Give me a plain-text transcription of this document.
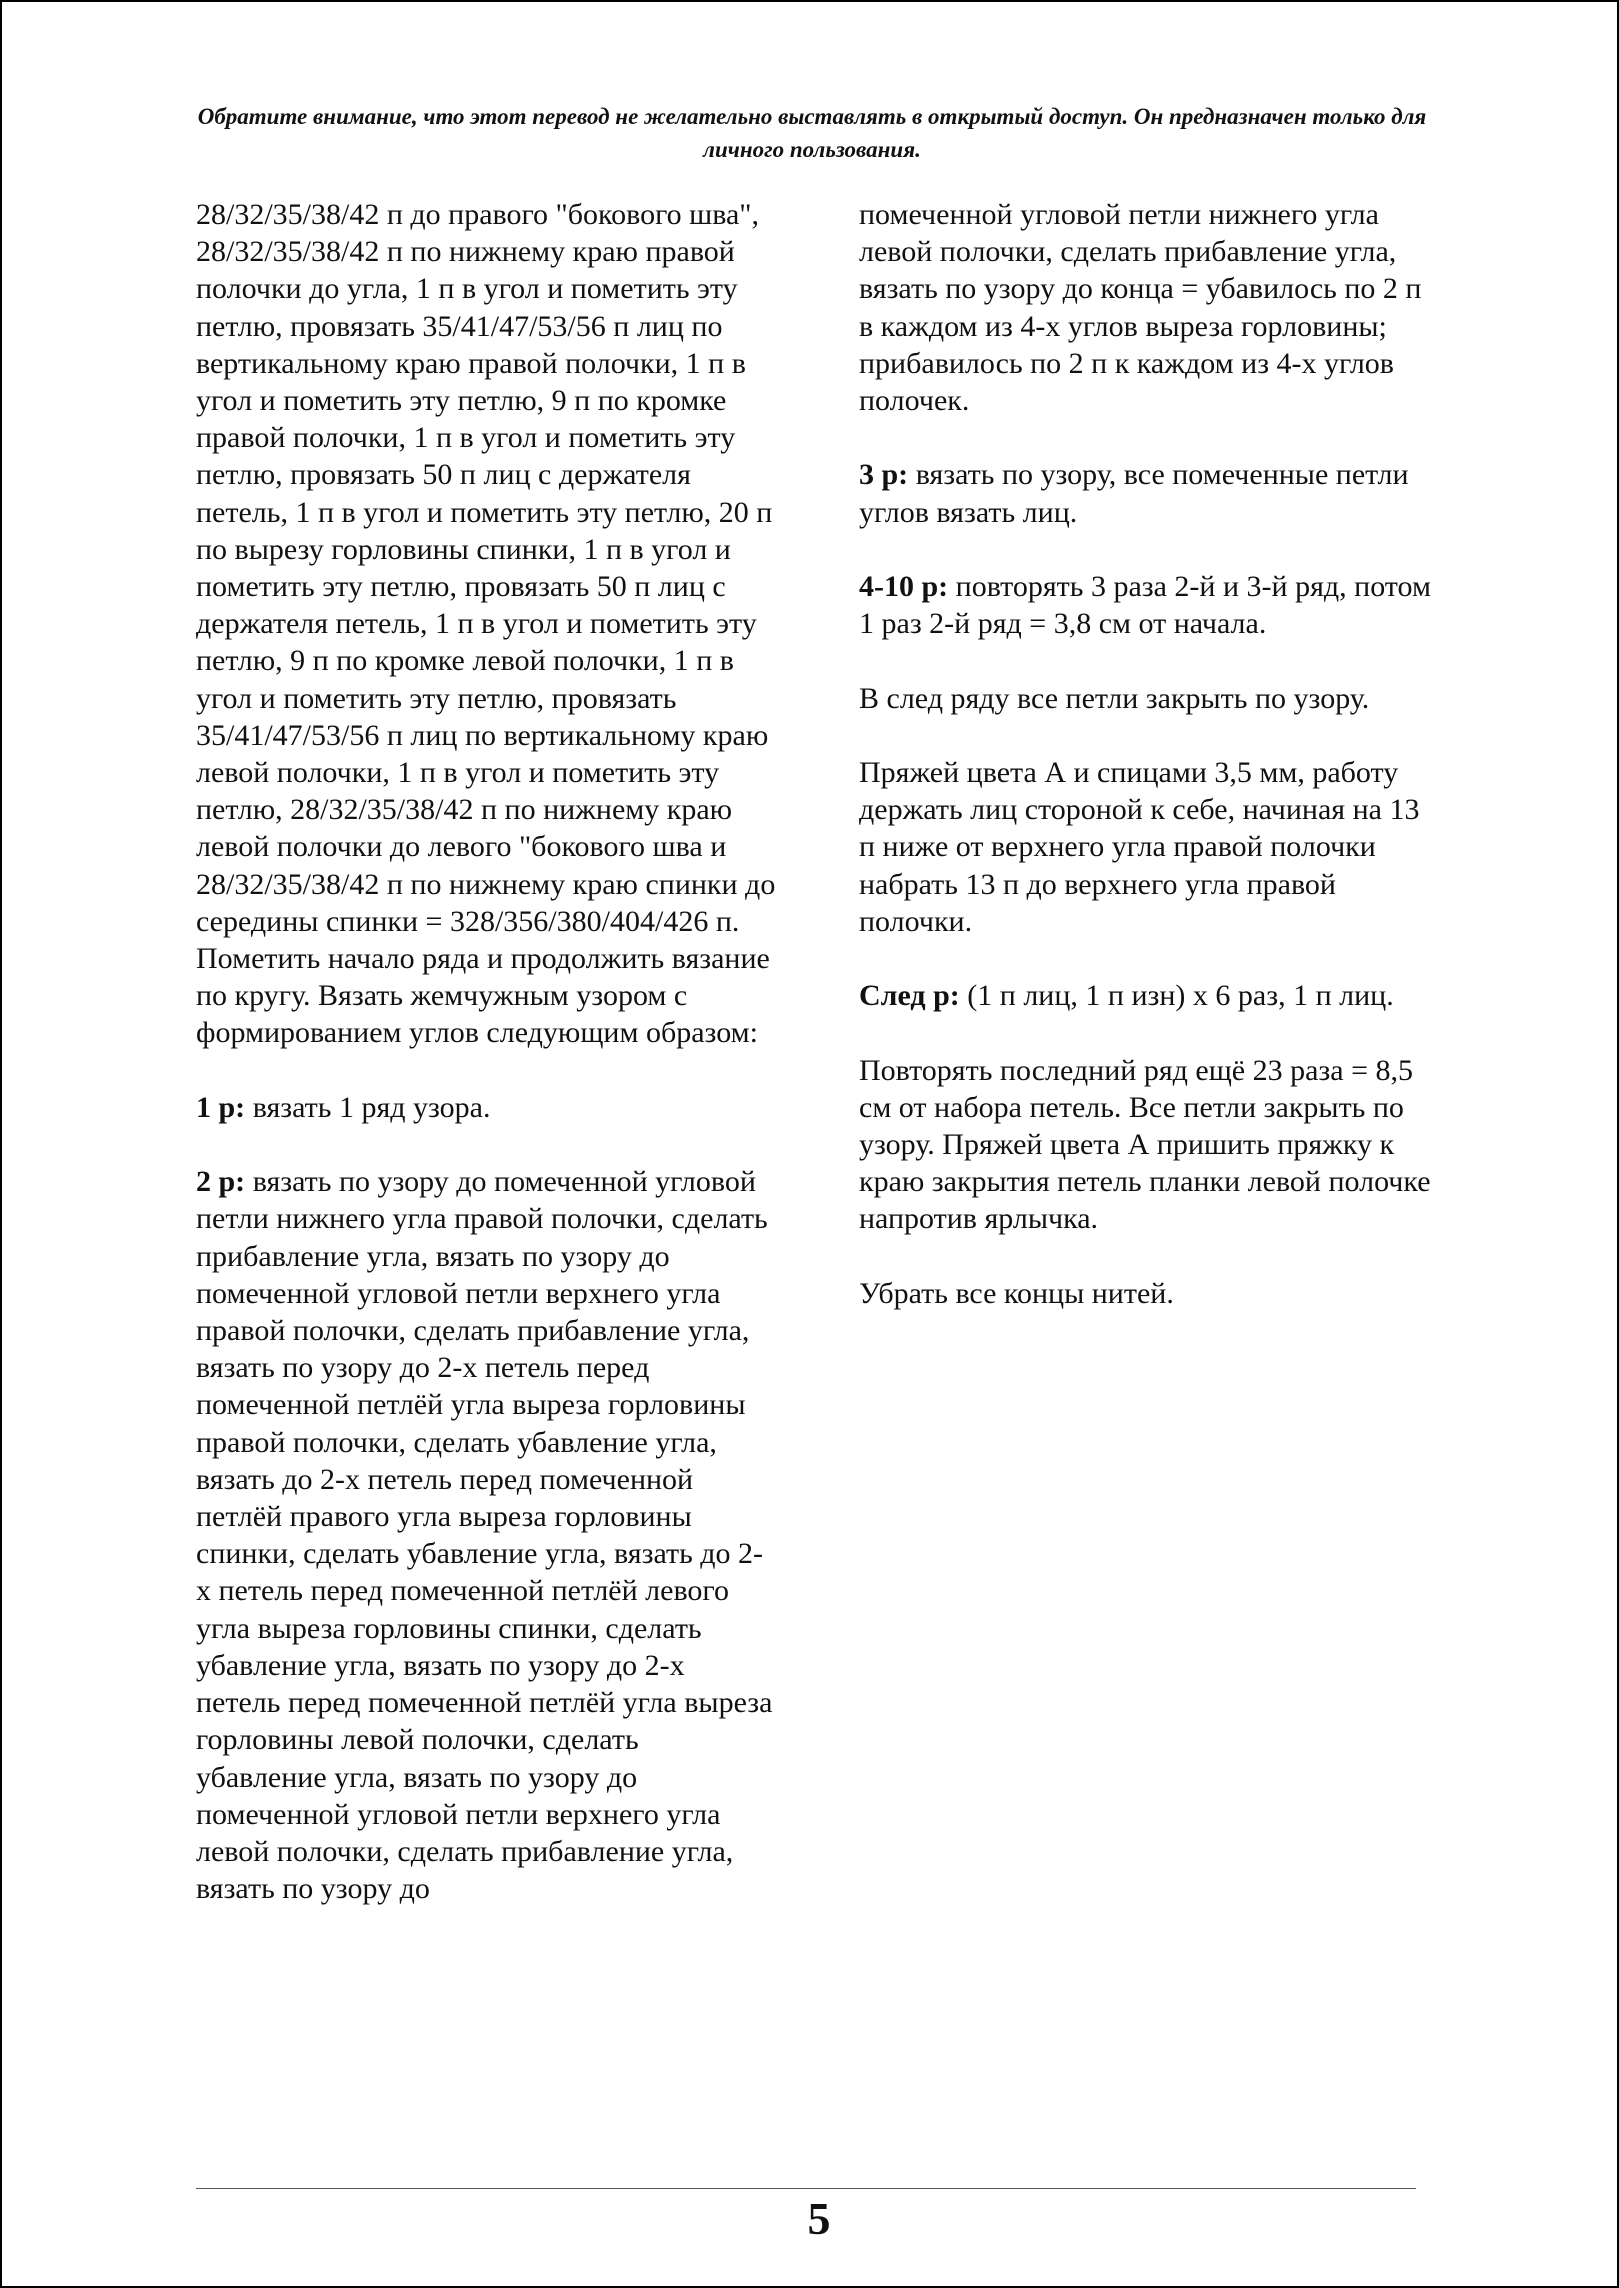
Обратите внимание, что этот перевод не желательно выставлять в открытый доступ. Он предназначен только для личного пользования.

28/32/35/38/42 п до правого "бокового шва", 28/32/35/38/42 п по нижнему краю правой полочки до угла, 1 п в угол и пометить эту петлю, провязать 35/41/47/53/56 п лиц по вертикальному краю правой полочки, 1 п в угол и пометить эту петлю, 9 п по кромке правой полочки, 1 п в угол и пометить эту петлю, провязать 50 п лиц с держателя петель, 1 п в угол и пометить эту петлю, 20 п по вырезу горловины спинки, 1 п в угол и пометить эту петлю, провязать 50 п лиц с держателя петель, 1 п в угол и пометить эту петлю, 9 п по кромке левой полочки, 1 п в угол и пометить эту петлю, провязать 35/41/47/53/56 п лиц по вертикальному краю левой полочки, 1 п в угол и пометить эту петлю, 28/32/35/38/42 п по нижнему краю левой полочки до левого "бокового шва и 28/32/35/38/42 п по нижнему краю спинки до середины спинки = 328/356/380/404/426 п. Пометить начало ряда и продолжить вязание по кругу. Вязать жемчужным узором с формированием углов следующим образом:

1 р: вязать 1 ряд узора.

2 р: вязать по узору до помеченной угловой петли нижнего угла правой полочки, сделать прибавление угла, вязать по узору до помеченной угловой петли верхнего угла правой полочки, сделать прибавление угла, вязать по узору до 2-х петель перед помеченной петлёй угла выреза горловины правой полочки, сделать убавление угла, вязать до 2-х петель перед помеченной петлёй правого угла выреза горловины спинки, сделать убавление угла, вязать до 2-х петель перед помеченной петлёй левого угла выреза горловины спинки, сделать убавление угла, вязать по узору до 2-х петель перед помеченной петлёй угла выреза горловины левой полочки, сделать убавление угла, вязать по узору до помеченной угловой петли верхнего угла левой полочки, сделать прибавление угла, вязать по узору до

помеченной угловой петли нижнего угла левой полочки, сделать прибавление угла, вязать по узору до конца = убавилось по 2 п в каждом из 4-х углов выреза горловины; прибавилось по 2 п к каждом из 4-х углов полочек.

3 р: вязать по узору, все помеченные петли углов вязать лиц.

4-10 р: повторять 3 раза 2-й и 3-й ряд, потом 1 раз 2-й ряд = 3,8 см от начала.

В след ряду все петли закрыть по узору.

Пряжей цвета А и спицами 3,5 мм, работу держать лиц стороной к себе, начиная на 13 п ниже от верхнего угла правой полочки набрать 13 п до верхнего угла правой полочки.

След р: (1 п лиц, 1 п изн) х 6 раз, 1 п лиц.

Повторять последний ряд ещё 23 раза = 8,5 см от набора петель. Все петли закрыть по узору. Пряжей цвета А пришить пряжку к краю закрытия петель планки левой полочке напротив ярлычка.

Убрать все концы нитей.

5
